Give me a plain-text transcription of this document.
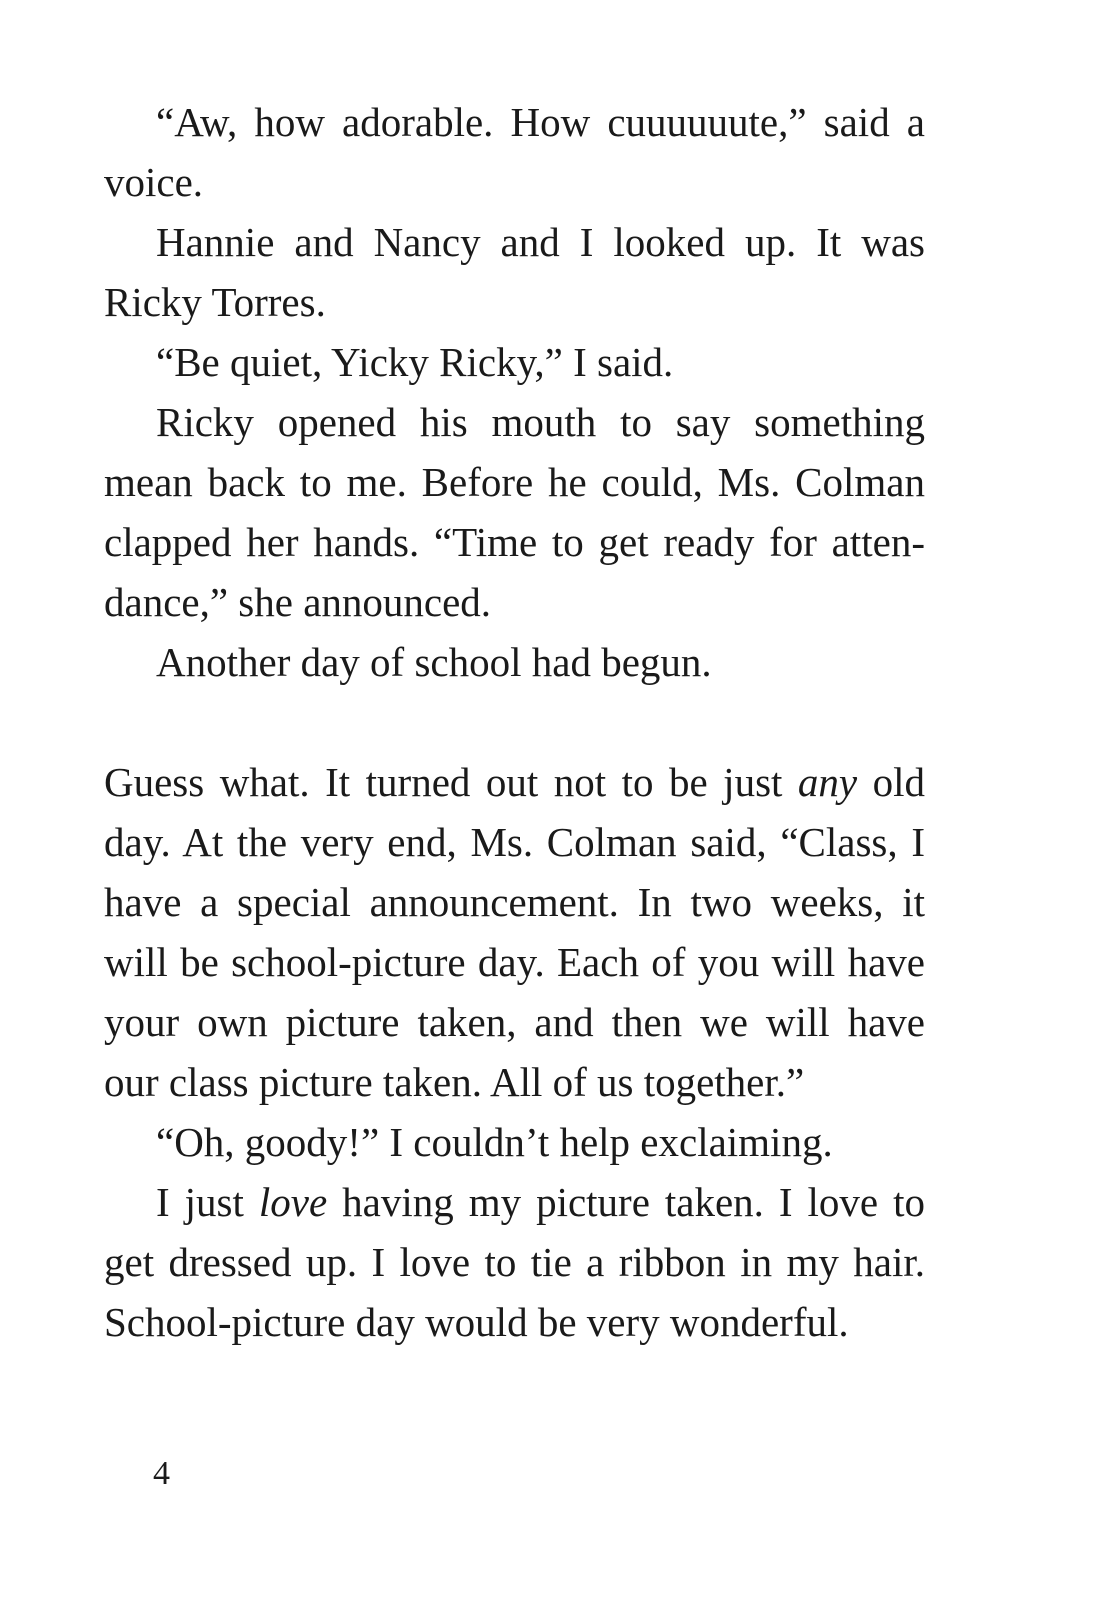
“Aw, how adorable. How cuuuuuute,” said a voice.

Hannie and Nancy and I looked up. It was Ricky Torres.

“Be quiet, Yicky Ricky,” I said.

Ricky opened his mouth to say something mean back to me. Before he could, Ms. Colman clapped her hands. “Time to get ready for attendance,” she announced.

Another day of school had begun.

Guess what. It turned out not to be just any old day. At the very end, Ms. Colman said, “Class, I have a special announcement. In two weeks, it will be school-picture day. Each of you will have your own picture taken, and then we will have our class picture taken. All of us together.”

“Oh, goody!” I couldn’t help exclaiming.

I just love having my picture taken. I love to get dressed up. I love to tie a ribbon in my hair. School-picture day would be very wonderful.

4
